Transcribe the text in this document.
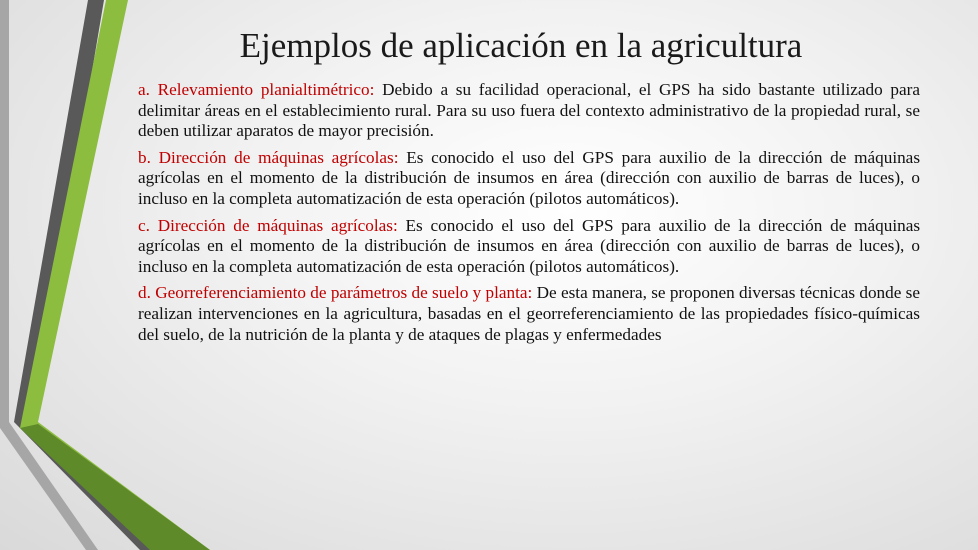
Ejemplos de aplicación en la agricultura

a. Relevamiento planialtimétrico: Debido a su facilidad operacional, el GPS ha sido bastante utilizado para delimitar áreas en el establecimiento rural. Para su uso fuera del contexto administrativo de la propiedad rural, se deben utilizar aparatos de mayor precisión.

b. Dirección de máquinas agrícolas: Es conocido el uso del GPS para auxilio de la dirección de máquinas agrícolas en el momento de la distribución de insumos en área (dirección con auxilio de barras de luces), o incluso en la completa automatización de esta operación (pilotos automáticos).

c. Dirección de máquinas agrícolas: Es conocido el uso del GPS para auxilio de la dirección de máquinas agrícolas en el momento de la distribución de insumos en área (dirección con auxilio de barras de luces), o incluso en la completa automatización de esta operación (pilotos automáticos).

d. Georreferenciamiento de parámetros de suelo y planta: De esta manera, se proponen diversas técnicas donde se realizan intervenciones en la agricultura, basadas en el georreferenciamiento de las propiedades físico-químicas del suelo, de la nutrición de la planta y de ataques de plagas y enfermedades
